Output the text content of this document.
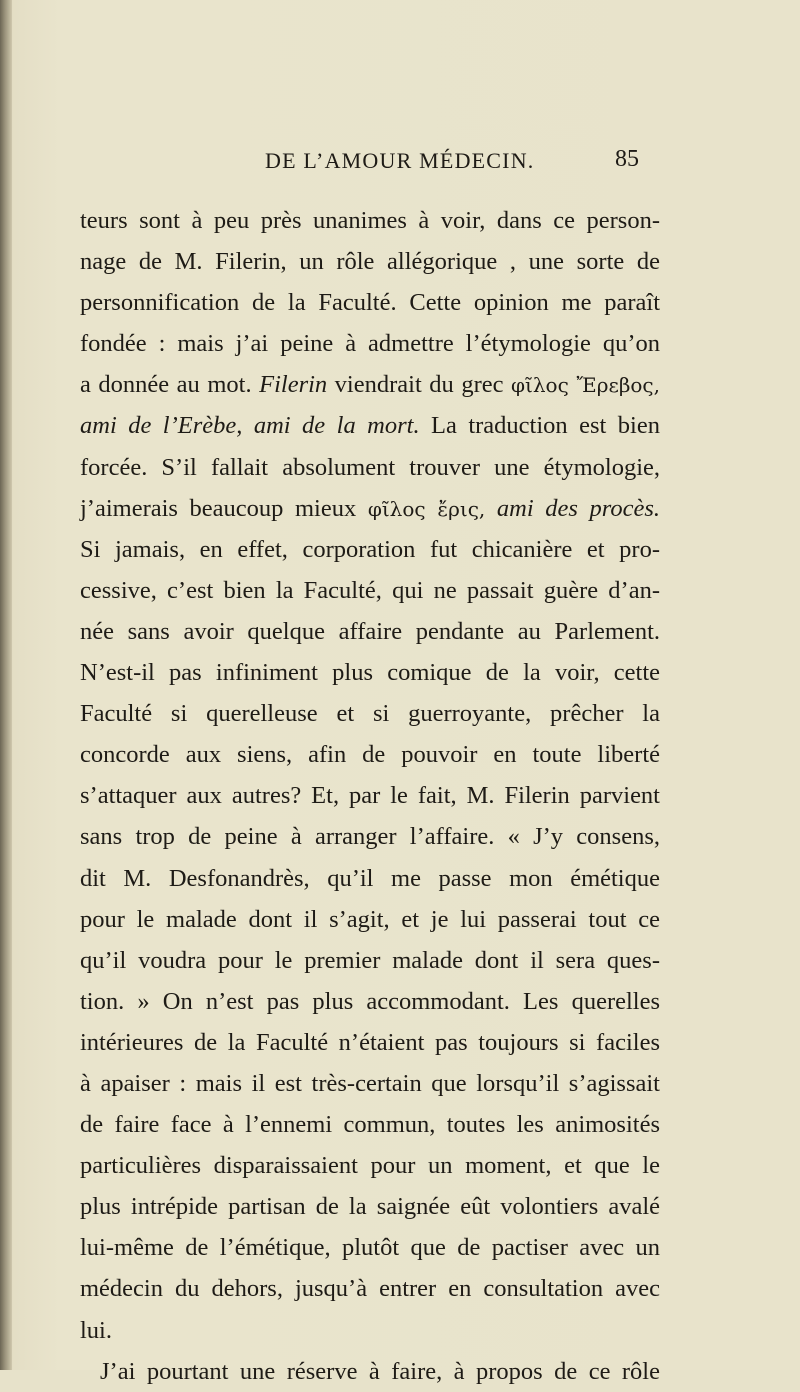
DE L’AMOUR MÉDECIN.	85
teurs sont à peu près unanimes à voir, dans ce person-
nage de M. Filerin, un rôle allégorique , une sorte de
personnification de la Faculté. Cette opinion me paraît
fondée : mais j’ai peine à admettre l’étymologie qu’on
a donnée au mot. Filerin viendrait du grec φῖλος Ἔρεβος,
ami de l’Erèbe, ami de la mort. La traduction est bien
forcée. S’il fallait absolument trouver une étymologie,
j’aimerais beaucoup mieux φῖλος ἔρις, ami des procès.
Si jamais, en effet, corporation fut chicanière et pro-
cessive, c’est bien la Faculté, qui ne passait guère d’an-
née sans avoir quelque affaire pendante au Parlement.
N’est-il pas infiniment plus comique de la voir, cette
Faculté si querelleuse et si guerroyante, prêcher la
concorde aux siens, afin de pouvoir en toute liberté
s’attaquer aux autres? Et, par le fait, M. Filerin parvient
sans trop de peine à arranger l’affaire. « J’y consens,
dit M. Desfonandrès, qu’il me passe mon émétique
pour le malade dont il s’agit, et je lui passerai tout ce
qu’il voudra pour le premier malade dont il sera ques-
tion. » On n’est pas plus accommodant. Les querelles
intérieures de la Faculté n’étaient pas toujours si faciles
à apaiser : mais il est très-certain que lorsqu’il s’agissait
de faire face à l’ennemi commun, toutes les animosités
particulières disparaissaient pour un moment, et que le
plus intrépide partisan de la saignée eût volontiers avalé
lui-même de l’émétique, plutôt que de pactiser avec un
médecin du dehors, jusqu’à entrer en consultation avec
lui.
J’ai pourtant une réserve à faire, à propos de ce rôle
